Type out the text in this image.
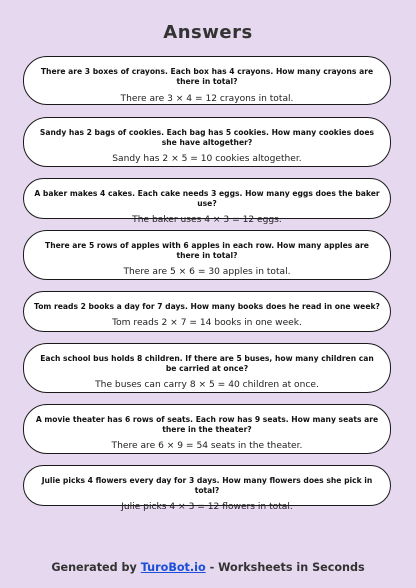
Answers
There are 3 boxes of crayons. Each box has 4 crayons. How many crayons are there in total?
There are 3 × 4 = 12 crayons in total.
Sandy has 2 bags of cookies. Each bag has 5 cookies. How many cookies does she have altogether?
Sandy has 2 × 5 = 10 cookies altogether.
A baker makes 4 cakes. Each cake needs 3 eggs. How many eggs does the baker use?
The baker uses 4 × 3 = 12 eggs.
There are 5 rows of apples with 6 apples in each row. How many apples are there in total?
There are 5 × 6 = 30 apples in total.
Tom reads 2 books a day for 7 days. How many books does he read in one week?
Tom reads 2 × 7 = 14 books in one week.
Each school bus holds 8 children. If there are 5 buses, how many children can be carried at once?
The buses can carry 8 × 5 = 40 children at once.
A movie theater has 6 rows of seats. Each row has 9 seats. How many seats are there in the theater?
There are 6 × 9 = 54 seats in the theater.
Julie picks 4 flowers every day for 3 days. How many flowers does she pick in total?
Julie picks 4 × 3 = 12 flowers in total.
Generated by TuroBot.io - Worksheets in Seconds
